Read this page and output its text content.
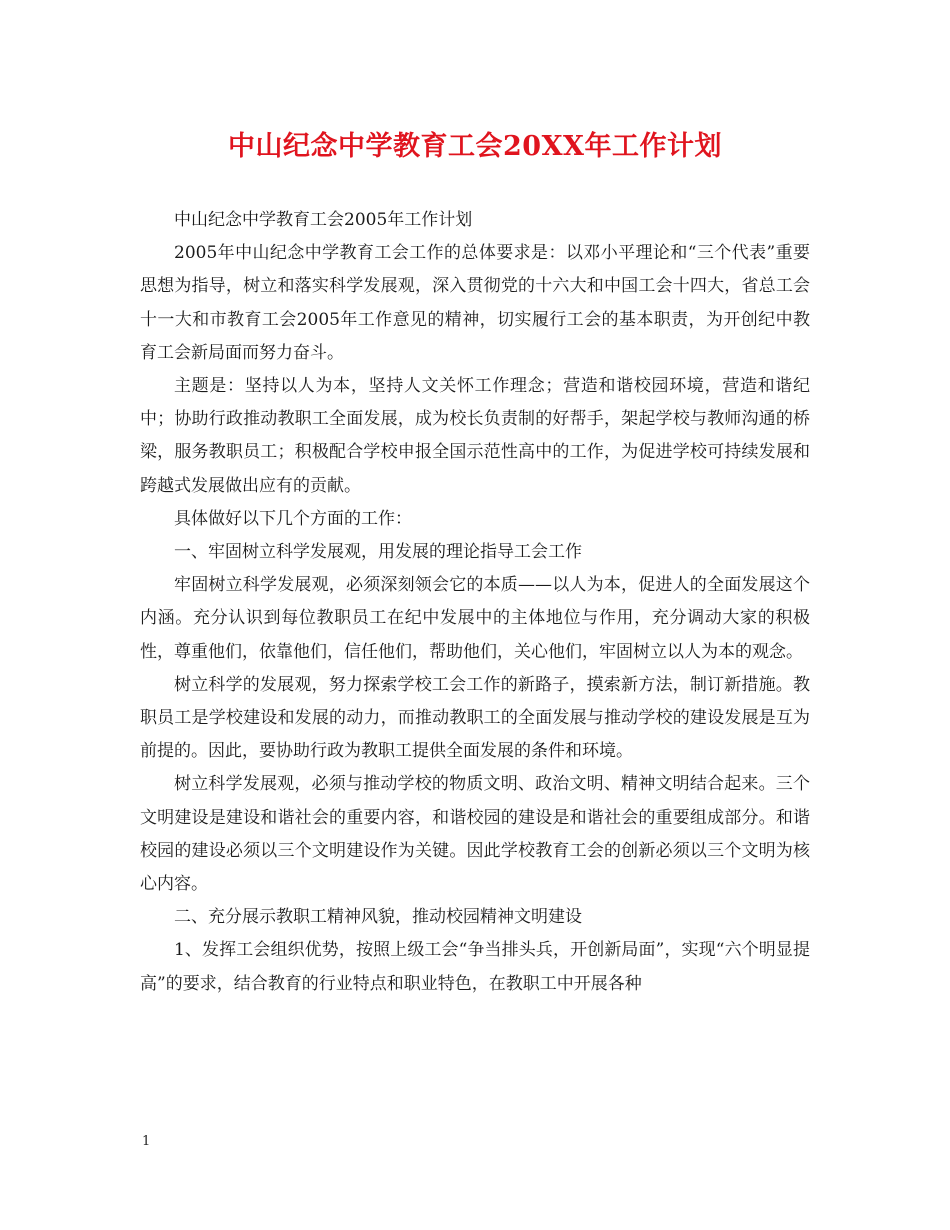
中山纪念中学教育工会20XX年工作计划

中山纪念中学教育工会2005年工作计划

2005年中山纪念中学教育工会工作的总体要求是：以邓小平理论和“三个代表”重要思想为指导，树立和落实科学发展观，深入贯彻党的十六大和中国工会十四大，省总工会十一大和市教育工会2005年工作意见的精神，切实履行工会的基本职责，为开创纪中教育工会新局面而努力奋斗。

主题是：坚持以人为本，坚持人文关怀工作理念；营造和谐校园环境，营造和谐纪中；协助行政推动教职工全面发展，成为校长负责制的好帮手，架起学校与教师沟通的桥梁，服务教职员工；积极配合学校申报全国示范性高中的工作，为促进学校可持续发展和跨越式发展做出应有的贡献。

具体做好以下几个方面的工作：

一、牢固树立科学发展观，用发展的理论指导工会工作

牢固树立科学发展观，必须深刻领会它的本质——以人为本，促进人的全面发展这个内涵。充分认识到每位教职员工在纪中发展中的主体地位与作用，充分调动大家的积极性，尊重他们，依靠他们，信任他们，帮助他们，关心他们，牢固树立以人为本的观念。

树立科学的发展观，努力探索学校工会工作的新路子，摸索新方法，制订新措施。教职员工是学校建设和发展的动力，而推动教职工的全面发展与推动学校的建设发展是互为前提的。因此，要协助行政为教职工提供全面发展的条件和环境。

树立科学发展观，必须与推动学校的物质文明、政治文明、精神文明结合起来。三个文明建设是建设和谐社会的重要内容，和谐校园的建设是和谐社会的重要组成部分。和谐校园的建设必须以三个文明建设作为关键。因此学校教育工会的创新必须以三个文明为核心内容。

二、充分展示教职工精神风貌，推动校园精神文明建设

1、发挥工会组织优势，按照上级工会“争当排头兵，开创新局面”，实现“六个明显提高”的要求，结合教育的行业特点和职业特色，在教职工中开展各种

1
